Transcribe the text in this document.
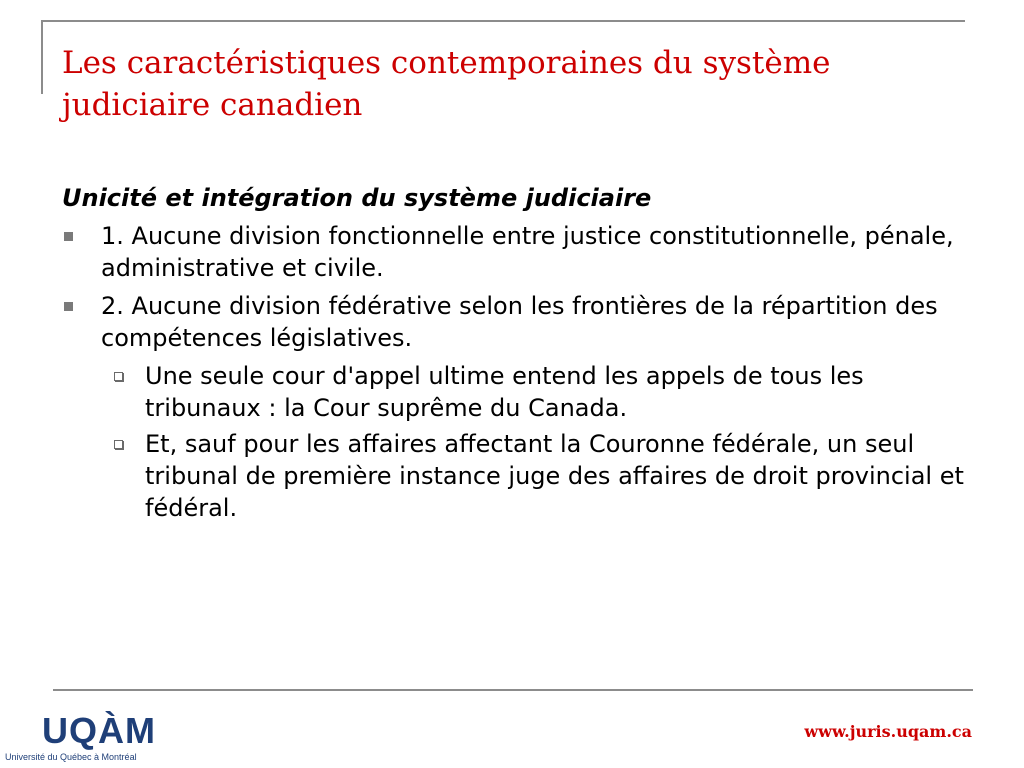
Les caractéristiques contemporaines du système judiciaire canadien

Unicité et intégration du système judiciaire

1. Aucune division fonctionnelle entre justice constitutionnelle, pénale, administrative et civile.
2. Aucune division fédérative selon les frontières de la répartition des compétences législatives.
Une seule cour d'appel ultime entend les appels de tous les tribunaux : la Cour suprême du Canada.
Et, sauf pour les affaires affectant la Couronne fédérale, un seul tribunal de première instance juge des affaires de droit provincial et fédéral.
UQÀM
Université du Québec à Montréal
www.juris.uqam.ca
